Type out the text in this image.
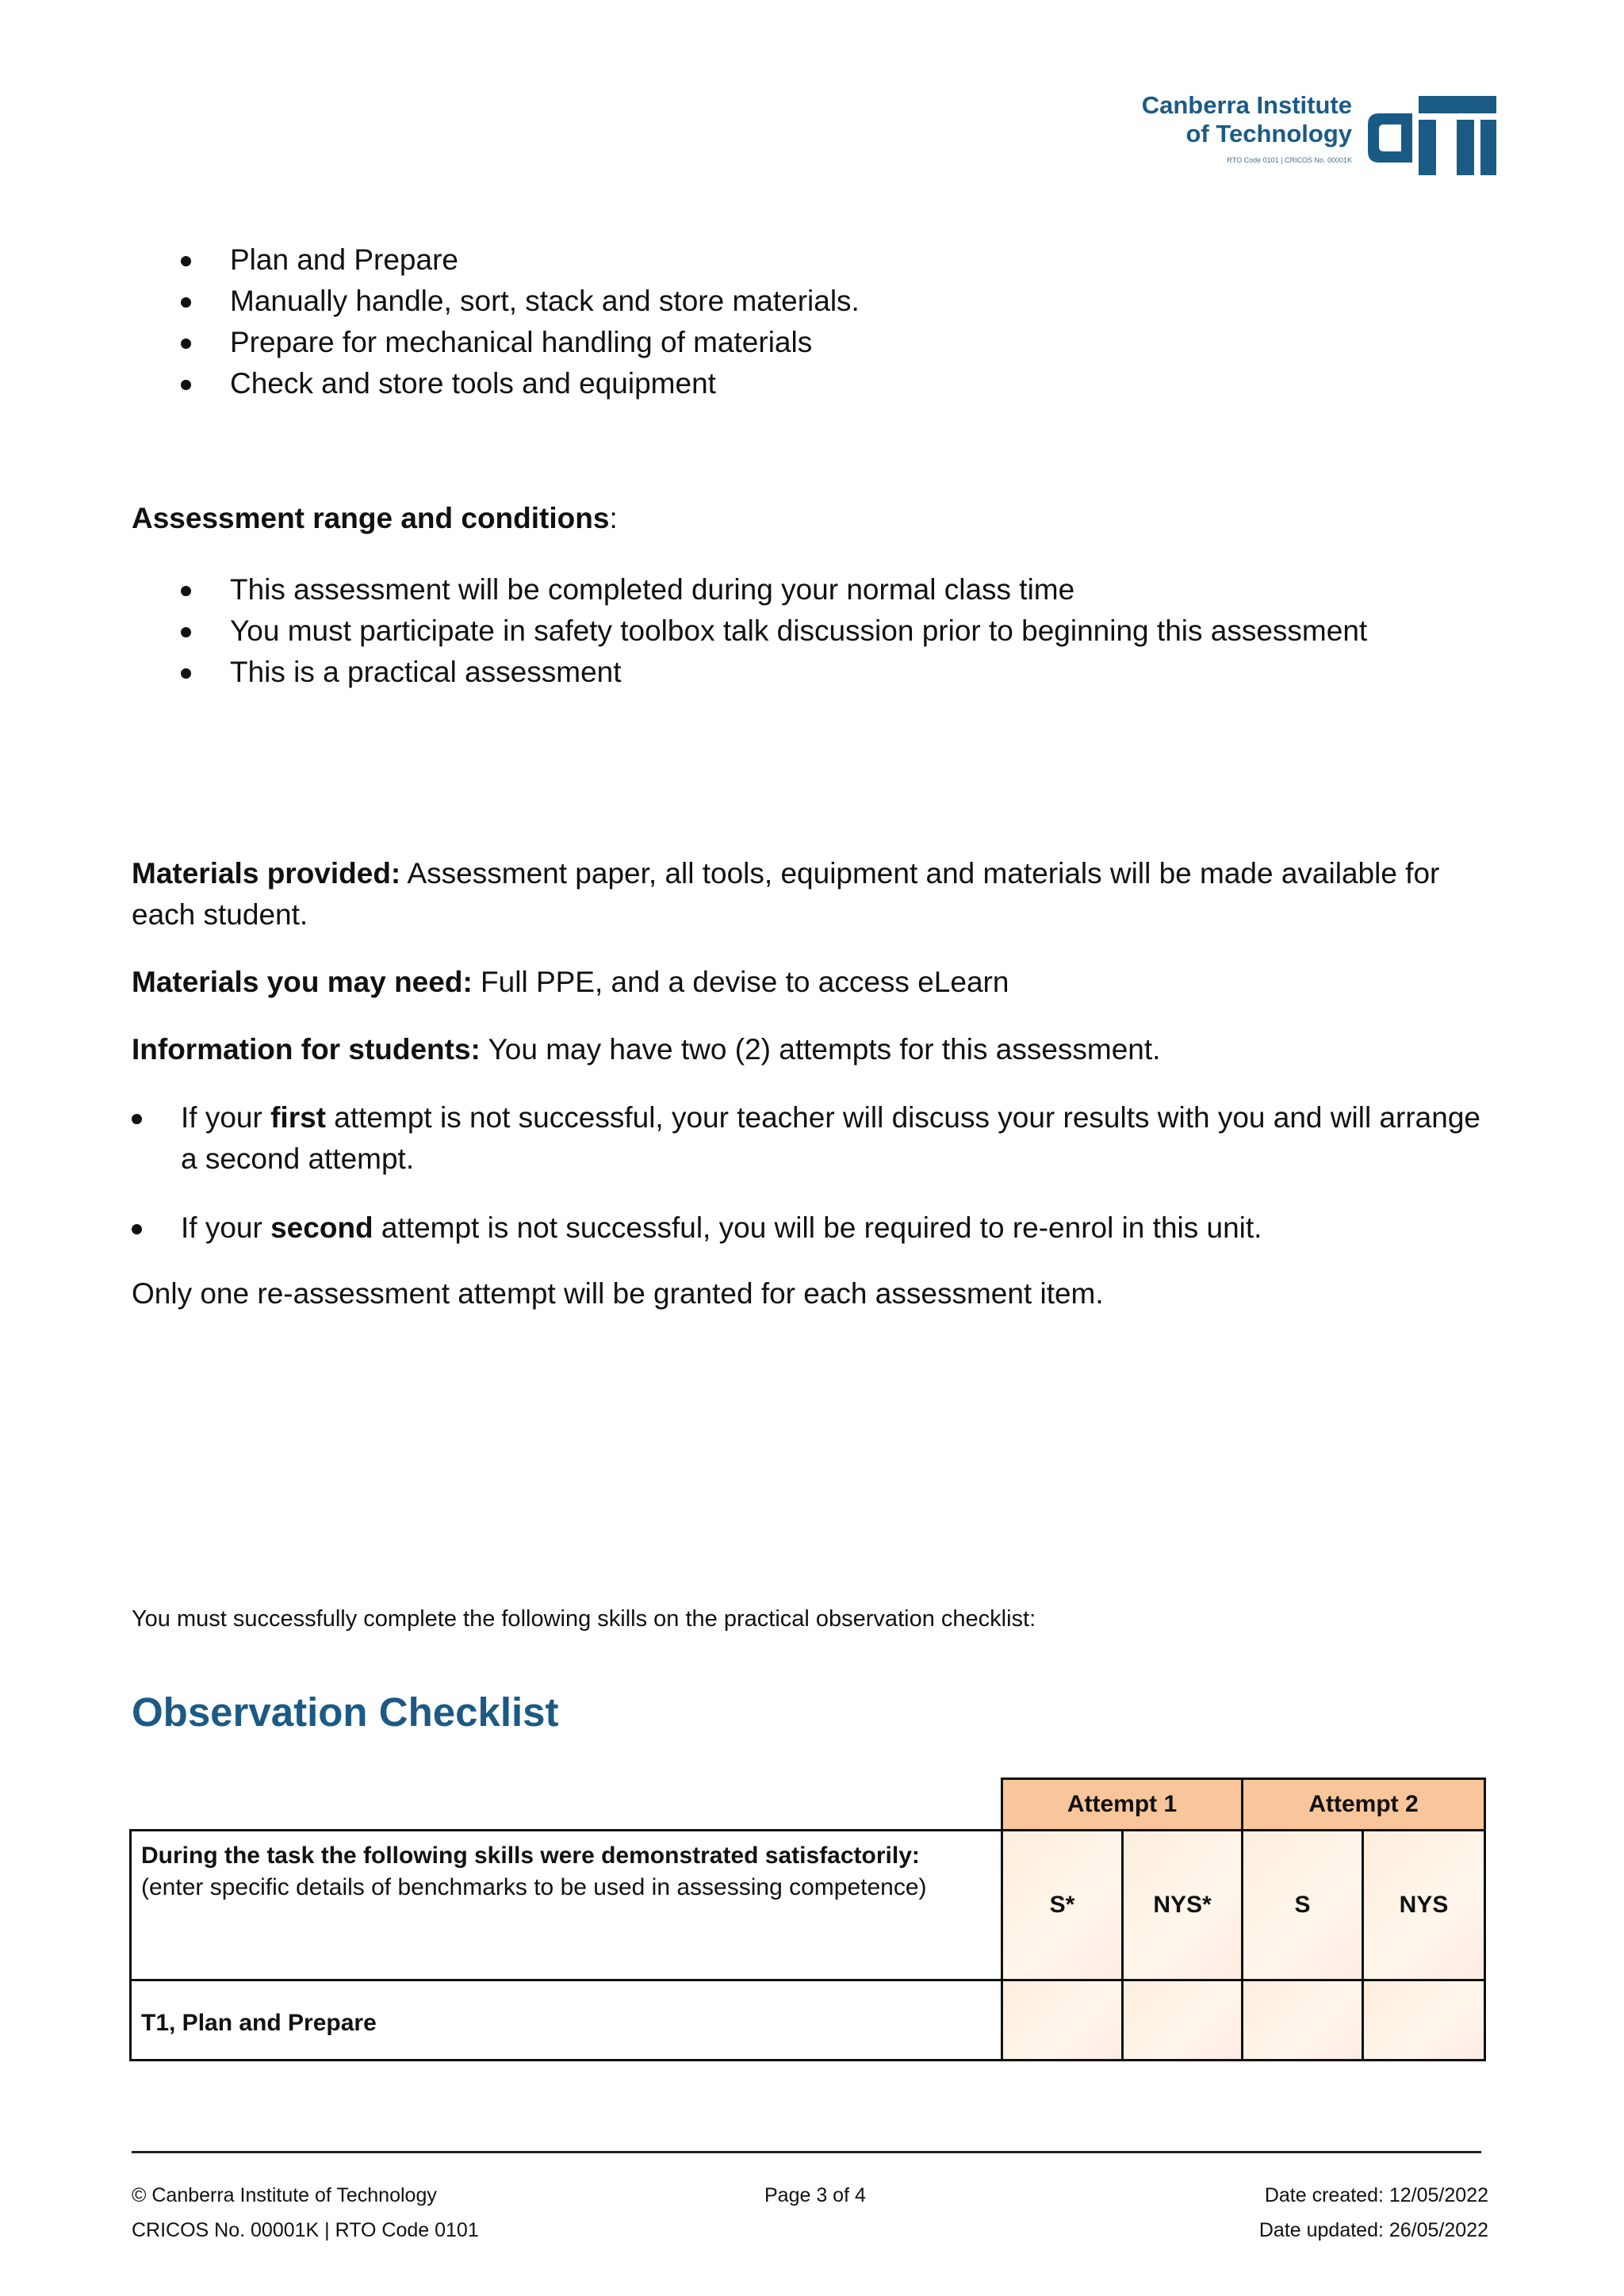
Canberra Institute
of Technology
RTO Code 0101 | CRICOS No. 00001K
Plan and Prepare
Manually handle, sort, stack and store materials.
Prepare for mechanical handling of materials
Check and store tools and equipment
Assessment range and conditions:
This assessment will be completed during your normal class time
You must participate in safety toolbox talk discussion prior to beginning this assessment
This is a practical assessment
Materials provided: Assessment paper, all tools, equipment and materials will be made available for each student.
Materials you may need: Full PPE, and a devise to access eLearn
Information for students: You may have two (2) attempts for this assessment.
If your first attempt is not successful, your teacher will discuss your results with you and will arrange a second attempt.
If your second attempt is not successful, you will be required to re-enrol in this unit.
Only one re-assessment attempt will be granted for each assessment item.
You must successfully complete the following skills on the practical observation checklist:
Observation Checklist
Attempt 1	Attempt 2
During the task the following skills were demonstrated satisfactorily:
(enter specific details of benchmarks to be used in assessing competence)
S*	NYS*	S	NYS
T1, Plan and Prepare
© Canberra Institute of Technology
CRICOS No. 00001K | RTO Code 0101
Page 3 of 4	Date created: 12/05/2022
Date updated: 26/05/2022
